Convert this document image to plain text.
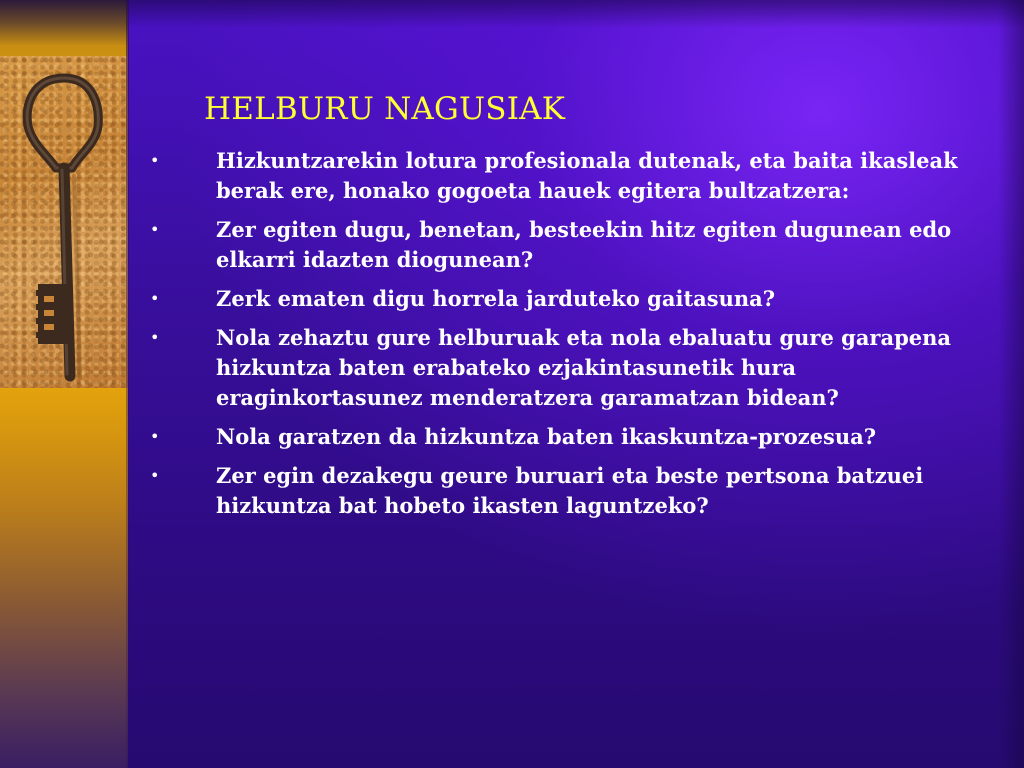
HELBURU NAGUSIAK
•	Hizkuntzarekin lotura profesionala dutenak, eta baita ikasleak berak ere, honako gogoeta hauek egitera bultzatzera:
•	Zer egiten dugu, benetan, besteekin hitz egiten dugunean edo elkarri idazten diogunean?
•	Zerk ematen digu horrela jarduteko gaitasuna?
•	Nola zehaztu gure helburuak eta nola ebaluatu gure garapena hizkuntza baten erabateko ezjakintasunetik hura eraginkortasunez menderatzera garamatzan bidean?
•	Nola garatzen da hizkuntza baten ikaskuntza-prozesua?
•	Zer egin dezakegu geure buruari eta beste pertsona batzuei hizkuntza bat hobeto ikasten laguntzeko?
